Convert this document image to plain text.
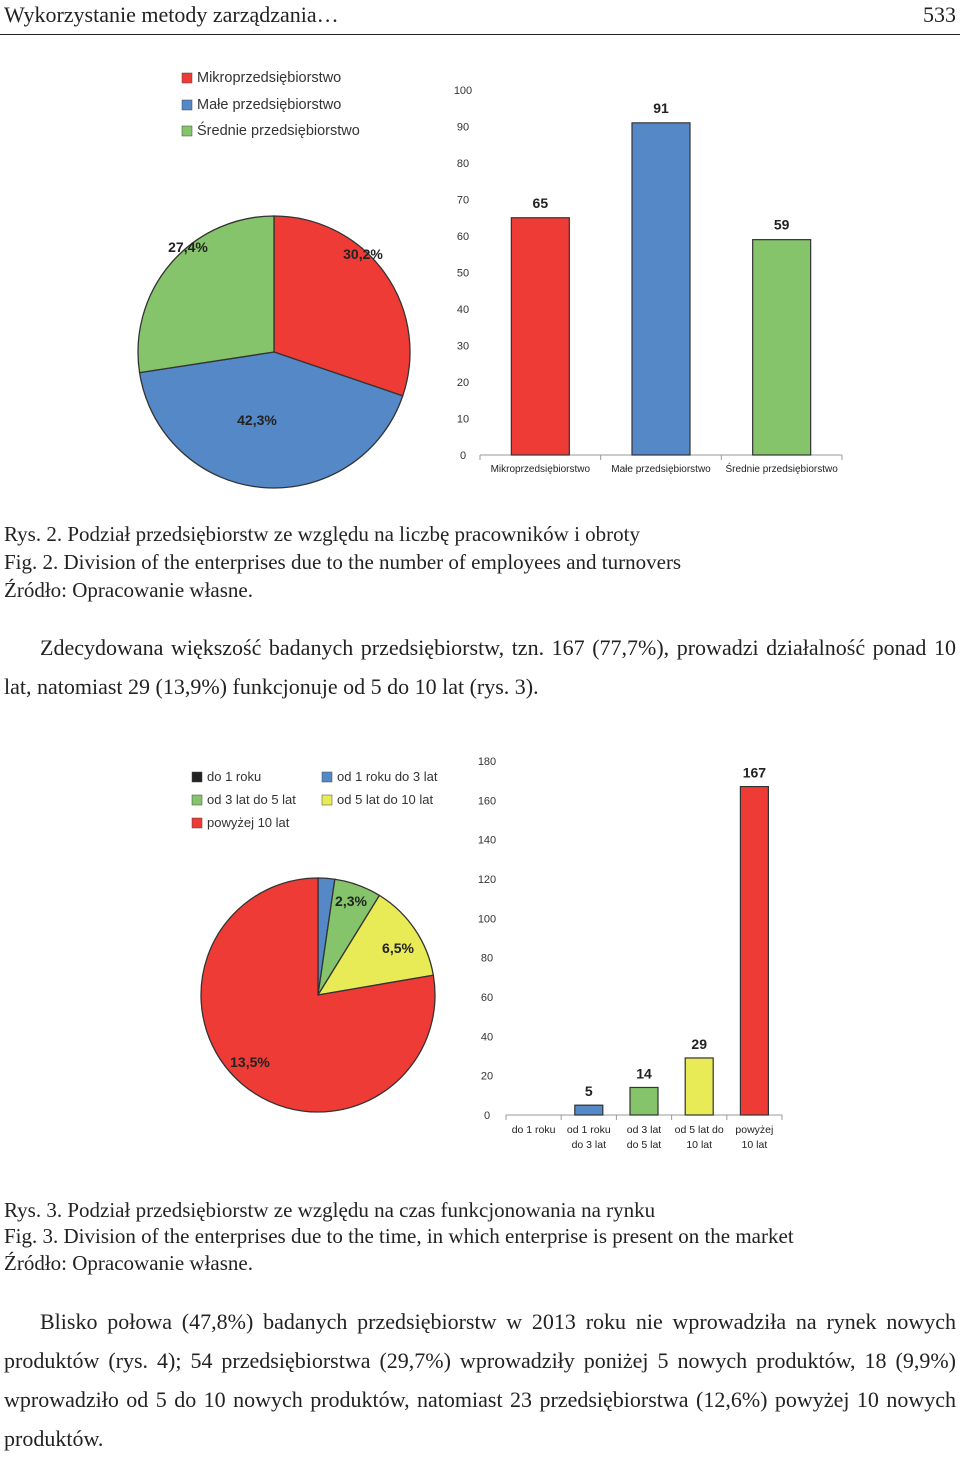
Wykorzystanie metody zarządzania…	533
30,2%
42,3%
27,4%
Mikroprzedsiębiorstwo
Małe przedsiębiorstwo
Średnie przedsiębiorstwo
0
10
20
30
40
50
60
70
80
90
100
65
Mikroprzedsiębiorstwo
91
Małe przedsiębiorstwo
59
Średnie przedsiębiorstwo
Rys. 2. Podział przedsiębiorstw ze względu na liczbę pracowników i obroty
Fig. 2. Division of the enterprises due to the number of employees and turnovers
Źródło: Opracowanie własne.

Zdecydowana większość badanych przedsiębiorstw, tzn. 167 (77,7%), prowadzi działalność ponad 10 lat, natomiast 29 (13,9%) funkcjonuje od 5 do 10 lat (rys. 3).

2,3%
6,5%
13,5%
do 1 roku	od 1 roku do 3 lat
od 3 lat do 5 lat	od 5 lat do 10 lat
powyżej 10 lat
0
20
40
60
80
100
120
140
160
180
do 1 roku
5
od 1 roku
do 3 lat
14
od 3 lat
do 5 lat
29
od 5 lat do
10 lat
167
powyżej
10 lat
Rys. 3. Podział przedsiębiorstw ze względu na czas funkcjonowania na rynku
Fig. 3. Division of the enterprises due to the time, in which enterprise is present on the market
Źródło: Opracowanie własne.

Blisko połowa (47,8%) badanych przedsiębiorstw w 2013 roku nie wprowadziła na rynek nowych produktów (rys. 4); 54 przedsiębiorstwa (29,7%) wprowadziły poniżej 5 nowych produktów, 18 (9,9%) wprowadziło od 5 do 10 nowych produktów, natomiast 23 przedsiębiorstwa (12,6%) powyżej 10 nowych produktów.
